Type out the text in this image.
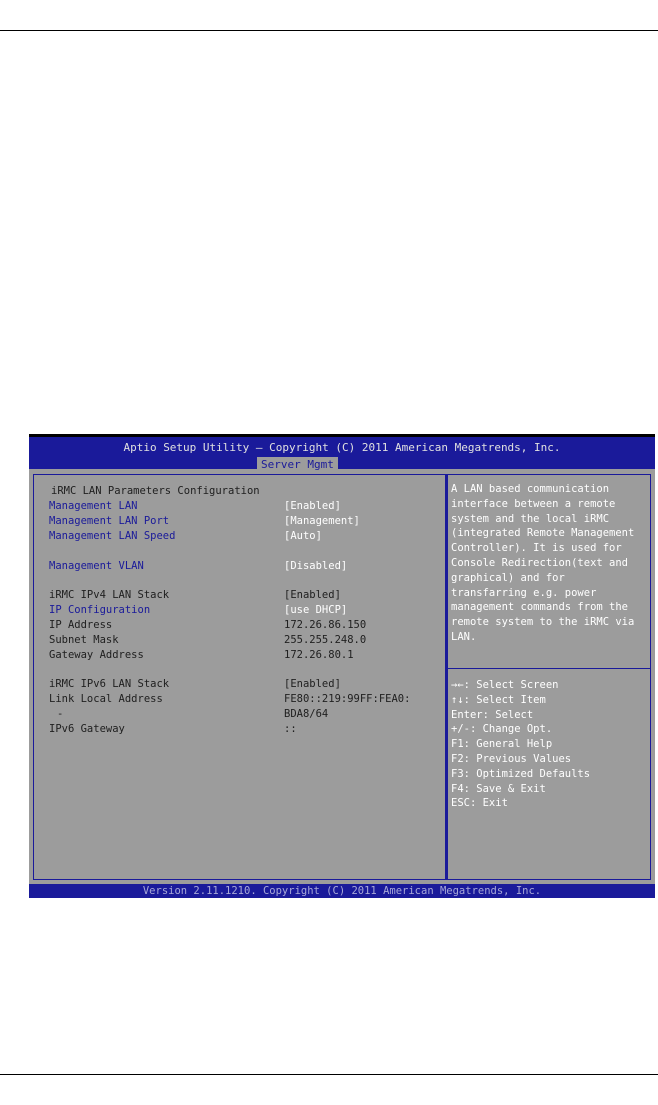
Aptio Setup Utility – Copyright (C) 2011 American Megatrends, Inc.
Server Mgmt
iRMC LAN Parameters Configuration
Management LAN	[Enabled]
Management LAN Port	[Management]
Management LAN Speed	[Auto]
Management VLAN	[Disabled]
iRMC IPv4 LAN Stack	[Enabled]
IP Configuration	[use DHCP]
IP Address	172.26.86.150
Subnet Mask	255.255.248.0
Gateway Address	172.26.80.1
iRMC IPv6 LAN Stack	[Enabled]
Link Local Address	FE80::219:99FF:FEA0:
-	BDA8/64
IPv6 Gateway	::
A LAN based communication
interface between a remote
system and the local iRMC
(integrated Remote Management
Controller). It is used for
Console Redirection(text and
graphical) and for
transfarring e.g. power
management commands from the
remote system to the iRMC via
LAN.
→←: Select Screen
↑↓: Select Item
Enter: Select
+/-: Change Opt.
F1: General Help
F2: Previous Values
F3: Optimized Defaults
F4: Save & Exit
ESC: Exit
Version 2.11.1210. Copyright (C) 2011 American Megatrends, Inc.
